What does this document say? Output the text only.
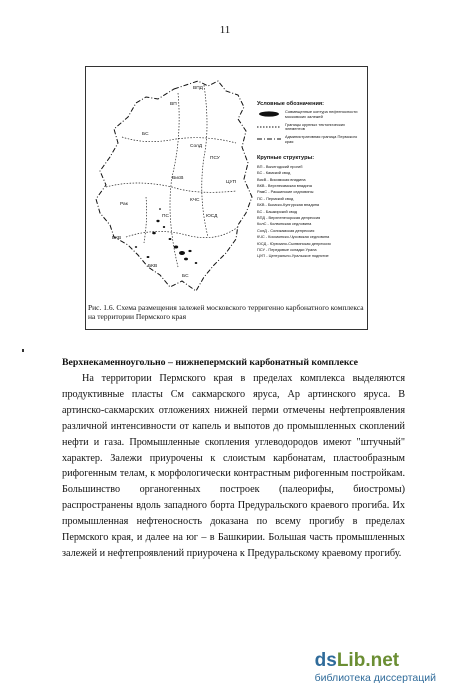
11
ВПД
ВП
БС
СолД
ПСУ
ВисВ
КЧС
ЦУП
ПС	ЮСД
ВКВ
Рак
БКВ
БС
Условные обозначения:
Совмещенные контура нефтеносности московских залежей
Границы крупных тектонических элементов
Административная граница Пермского края
Крупные структуры:
ВП - Вычегодский прогиб
БС - Камский свод
ВисВ - Висимская впадина
ВКВ - Верхнекамская впадина
РамС - Ракшинские седловины
ПС - Пермский свод
БКВ - Бымско-Кунгурская впадина
БС - Башкирский свод
ВПД - Верхнепечорская депрессия
КолС - Колвинская седловина
СолД - Соликамская депрессия
КЧС - Косьвинско-Чусовская седловина
ЮСД - Юрюзано-Сылвинская депрессия
ПСУ - Передовые складки Урала
ЦУП - Центрально-Уральское поднятие
Рис. 1.6. Схема размещения залежей московского терригенно карбонатного комплекса на территории Пермского края
Верхнекаменноугольно – нижнепермский карбонатный комплексе

На территории Пермского края в пределах комплекса выделяются продуктивные пласты См сакмарского яруса, Ар артинского яруса. В артинско-сакмарских отложениях нижней перми отмечены нефтепроявления различной интенсивности от капель и выпотов до промышленных скоплений нефти и газа. Промышленные скопления углеводородов имеют "штучный" характер. Залежи приурочены к слоистым карбонатам, пластообразным рифогенным телам, к морфологически контрастным рифогенным постройкам. Большинство органогенных построек (палеорифы, биостромы) распространены вдоль западного борта Предуральского краевого прогиба. Их промышленная нефтеносность доказана по всему прогибу в пределах Пермского края, и далее на юг – в Башкирии. Большая часть промышленных залежей и нефтепроявлений приурочена к Предуральскому краевому прогибу.

dsLib.net
библиотека диссертаций
